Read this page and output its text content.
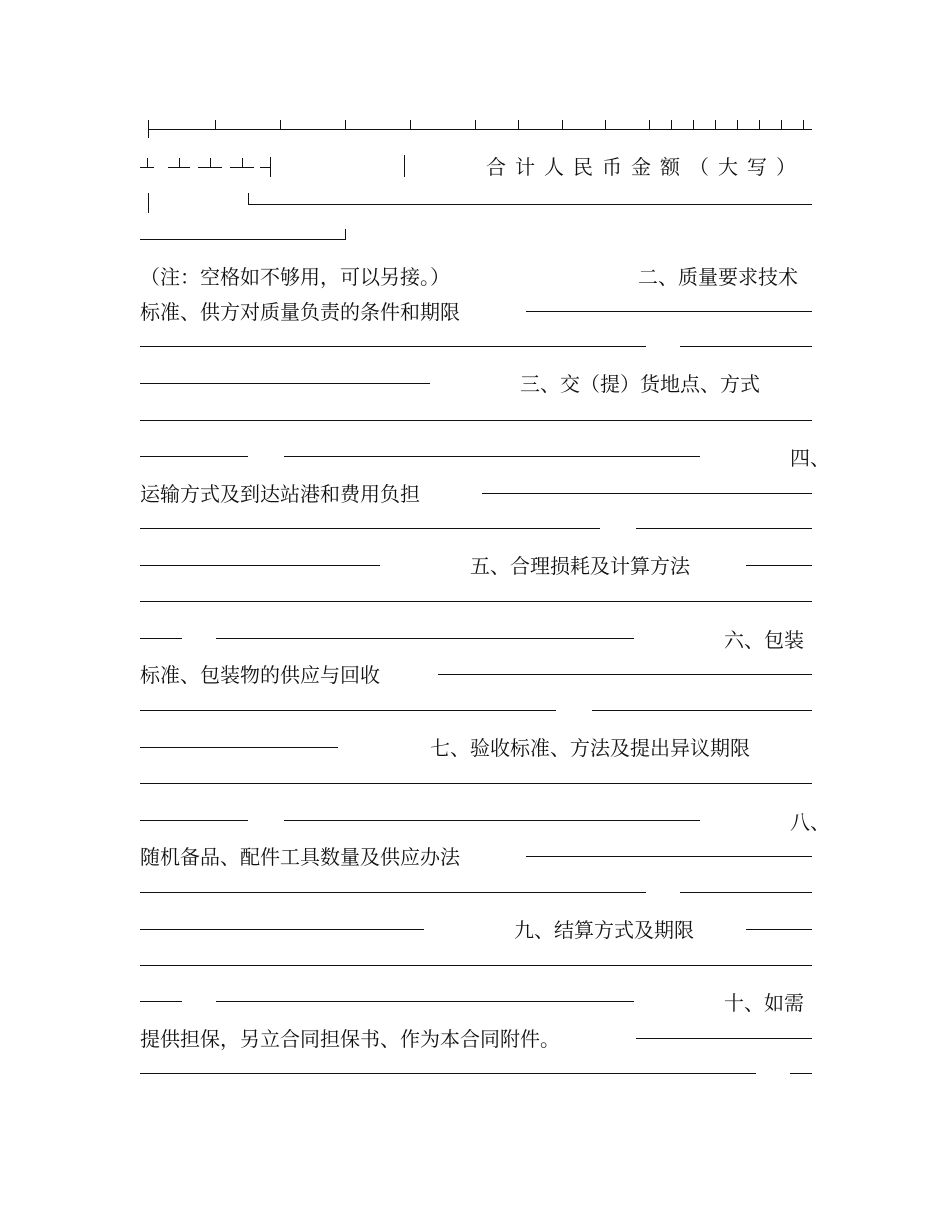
合计人民币金额（大写）
（注：空格如不够用，可以另接。）	二、质量要求技术
标准、供方对质量负责的条件和期限
三、交（提）货地点、方式
四、
运输方式及到达站港和费用负担
五、合理损耗及计算方法
六、包装
标准、包装物的供应与回收
七、验收标准、方法及提出异议期限
八、
随机备品、配件工具数量及供应办法
九、结算方式及期限
十、如需
提供担保，另立合同担保书、作为本合同附件。
